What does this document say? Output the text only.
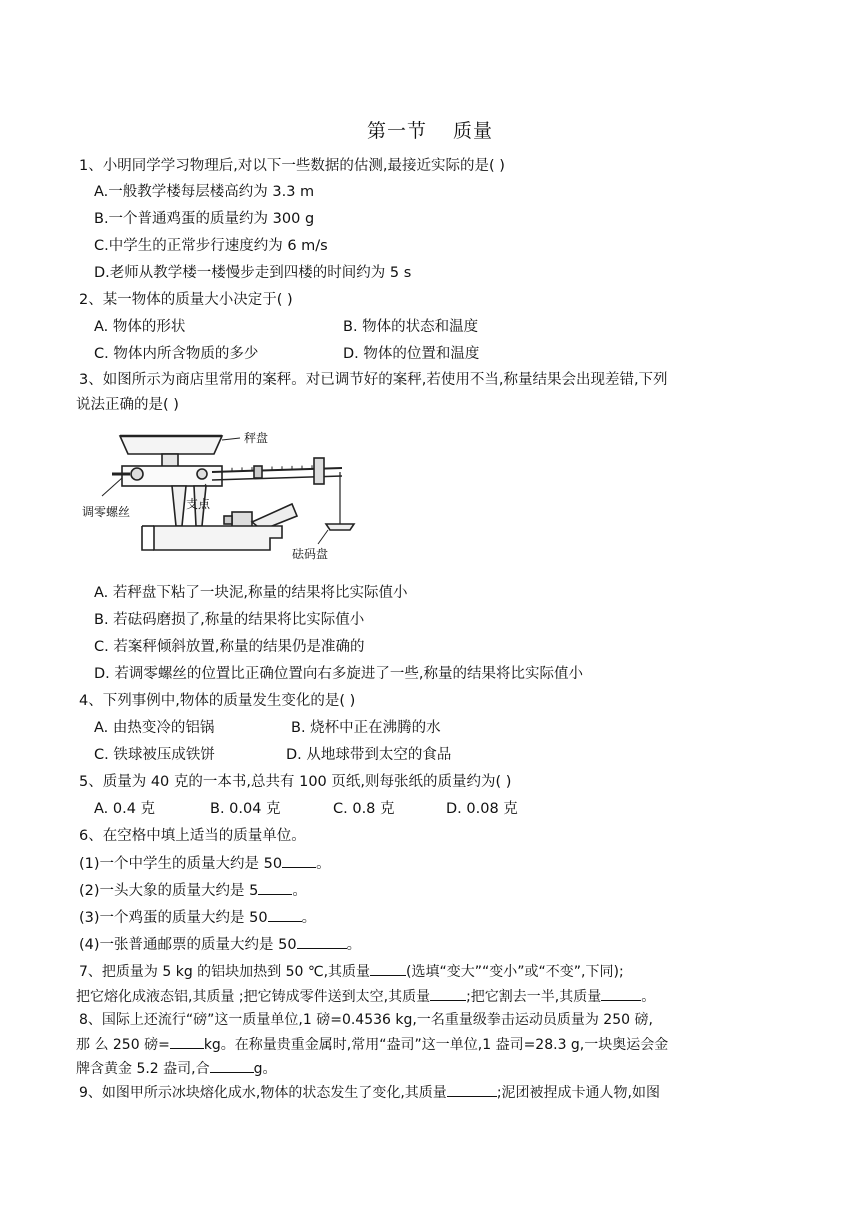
第一节 质量
1、小明同学学习物理后,对以下一些数据的估测,最接近实际的是( )
A.一般教学楼每层楼高约为 3.3 m
B.一个普通鸡蛋的质量约为 300 g
C.中学生的正常步行速度约为 6 m/s
D.老师从教学楼一楼慢步走到四楼的时间约为 5 s
2、某一物体的质量大小决定于( )
A. 物体的形状	B. 物体的状态和温度
C. 物体内所含物质的多少	D. 物体的位置和温度
3、如图所示为商店里常用的案秤。对已调节好的案秤,若使用不当,称量结果会出现差错,下列
说法正确的是( )
秤盘
支点
调零螺丝
砝码盘
A. 若秤盘下粘了一块泥,称量的结果将比实际值小
B. 若砝码磨损了,称量的结果将比实际值小
C. 若案秤倾斜放置,称量的结果仍是准确的
D. 若调零螺丝的位置比正确位置向右多旋进了一些,称量的结果将比实际值小
4、下列事例中,物体的质量发生变化的是( )
A. 由热变冷的铝锅	B. 烧杯中正在沸腾的水
C. 铁球被压成铁饼	D. 从地球带到太空的食品
5、质量为 40 克的一本书,总共有 100 页纸,则每张纸的质量约为( )
A. 0.4 克	B. 0.04 克	C. 0.8 克	D. 0.08 克
6、在空格中填上适当的质量单位。
(1)一个中学生的质量大约是 50 。
(2)一头大象的质量大约是 5 。
(3)一个鸡蛋的质量大约是 50 。
(4)一张普通邮票的质量大约是 50	。
7、把质量为 5 kg 的铝块加热到 50 ℃,其质量	(选填“变大”“变小”或“不变”,下同);
把它熔化成液态铝,其质量 ;把它铸成零件送到太空,其质量	;把它割去一半,其质量	。
8、国际上还流行“磅”这一质量单位,1 磅=0.4536 kg,一名重量级拳击运动员质量为 250 磅,
那 么 250 磅= kg。在称量贵重金属时,常用“盎司”这一单位,1 盎司=28.3 g,一块奥运会金
牌含黄金 5.2 盎司,合	g。
9、如图甲所示冰块熔化成水,物体的状态发生了变化,其质量	;泥团被捏成卡通人物,如图
